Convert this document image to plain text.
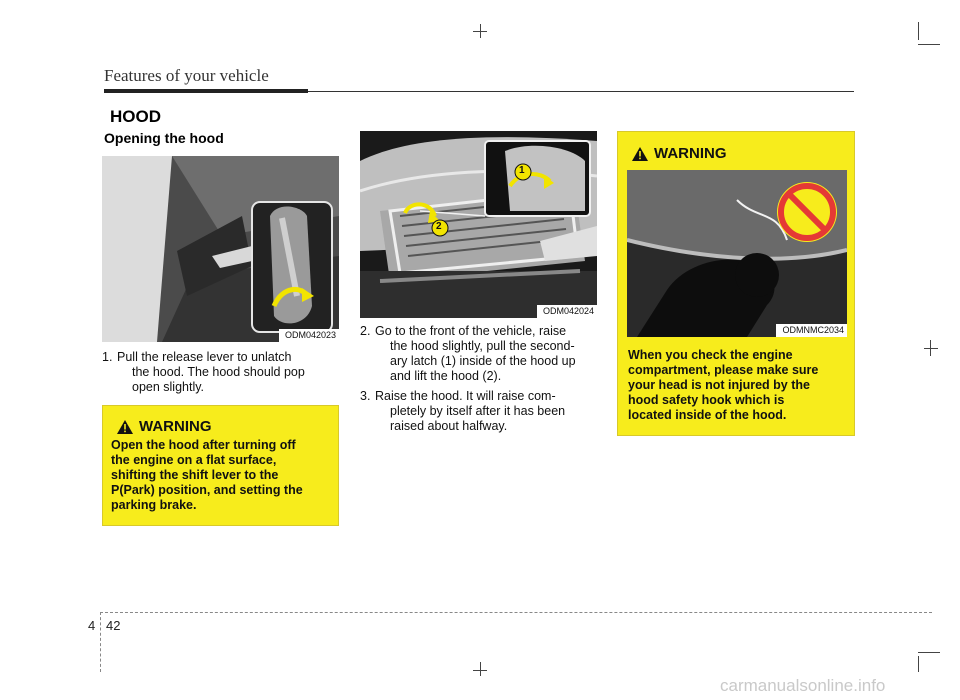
Features of your vehicle
HOOD
Opening the hood
ODM042023
1. Pull the release lever to unlatch
the hood. The hood should pop
open slightly.
WARNING
Open the hood after turning off
the engine on a flat surface,
shifting the shift lever to the
P(Park) position, and setting the
parking brake.
1
2
ODM042024
2. Go to the front of the vehicle, raise
the hood slightly, pull the second-
ary latch (1) inside of the hood up
and lift the hood (2).
3. Raise the hood. It will raise com-
pletely by itself after it has been
raised about halfway.
WARNING
ODMNMC2034
When you check the engine
compartment, please make sure
your head is not injured by the
hood safety hook which is
located inside of the hood.
4 42
carmanualsonline.info
